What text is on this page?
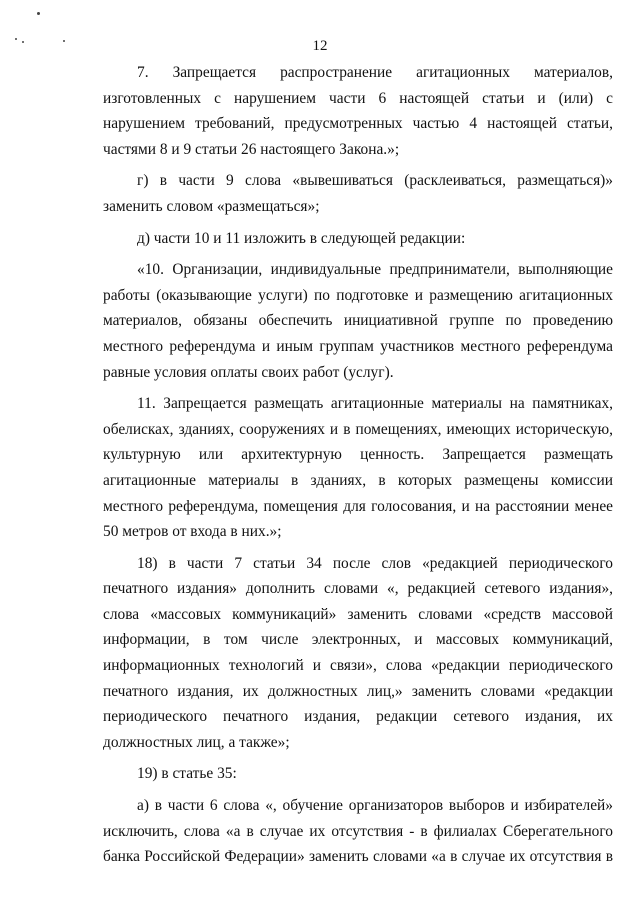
12

7. Запрещается распространение агитационных материалов, изготовленных с нарушением части 6 настоящей статьи и (или) с нарушением требований, предусмотренных частью 4 настоящей статьи, частями 8 и 9 статьи 26 настоящего Закона.»;

г) в части 9 слова «вывешиваться (расклеиваться, размещаться)» заменить словом «размещаться»;

д) части 10 и 11 изложить в следующей редакции:

«10. Организации, индивидуальные предприниматели, выполняющие работы (оказывающие услуги) по подготовке и размещению агитационных материалов, обязаны обеспечить инициативной группе по проведению местного референдума и иным группам участников местного референдума равные условия оплаты своих работ (услуг).

11. Запрещается размещать агитационные материалы на памятниках, обелисках, зданиях, сооружениях и в помещениях, имеющих историческую, культурную или архитектурную ценность. Запрещается размещать агитационные материалы в зданиях, в которых размещены комиссии местного референдума, помещения для голосования, и на расстоянии менее 50 метров от входа в них.»;

18) в части 7 статьи 34 после слов «редакцией периодического печатного издания» дополнить словами «, редакцией сетевого издания», слова «массовых коммуникаций» заменить словами «средств массовой информации, в том числе электронных, и массовых коммуникаций, информационных технологий и связи», слова «редакции периодического печатного издания, их должностных лиц,» заменить словами «редакции периодического печатного издания, редакции сетевого издания, их должностных лиц, а также»;

19) в статье 35:

а) в части 6 слова «, обучение организаторов выборов и избирателей» исключить, слова «а в случае их отсутствия - в филиалах Сберегательного банка Российской Федерации» заменить словами «а в случае их отсутствия в
